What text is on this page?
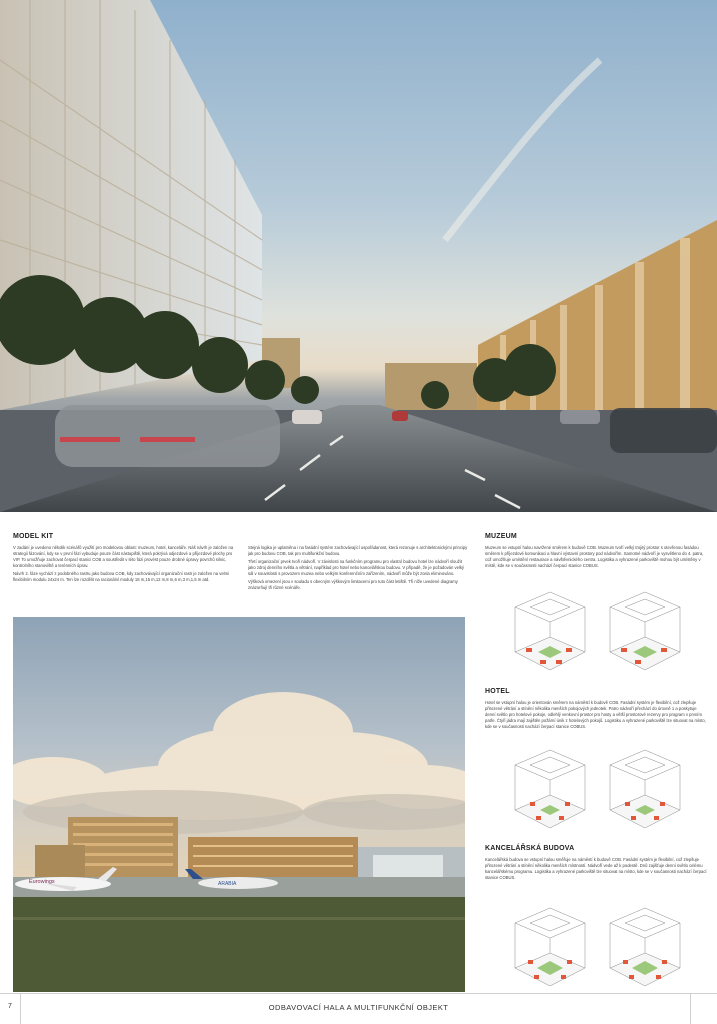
MODEL KIT

V zadání je uvedeno několik scénářů využití pro modelovou oblast: muzeum, hotel, kanceláře. Náš návrh je založen na strategii fázování, kdy se v první fázi vybuduje pouze část nástupiště, která pokrývá odjezdové a příjezdové plochy pro VIP. To umožňuje zachovat čerpací stanici COB a soustředit v této fázi provést pouze drobné úpravy povrchů silnic, kontrolního stanoviště a terénních úprav.

Návrh 2. fáze vychází z podobného rastru jako budova COB, kdy zachovávající organizační rastr je založen na velmi flexibilním modulu 24x24 m. Ten lze rozdělit na racionální moduly 18 m,15 m,12 m,8 m,6 m,3 m,1,5 m atd.

Stejná logika je uplatněna i na fasádní systém zachovávající uspořádanost, která rezonuje s architektonickými principy jak pro budovu COB, tak pro multifunkční budovu.

Třetí organizační prvek tvoří nádvoří. V závislosti na funkčním programu pro vlastní budovu hotel lze nádvoří sloužit jako zdroj denního světla a větrání, například pro hotel nebo kancelářskou budovu. V případě, že je požadován velký sál v souvislosti s provozem muzea nebo velkým konferenčním zařízením, nádvoří může být zcela eliminováno.

Výšková omezení jsou v souladu s obecným výškovým limitacemi pro tuto část letiště. Tři níže uvedené diagramy znázorňují tři různé scénáře.

Eurowings	ARABIA
MUZEUM
Muzeum se vstupní halou navržené směrem k budově COB. Muzeum tvoří velký trojitý prostor s otevřenou fasádou směrem k příjezdové komunikaci a hlavní výstavní prostory pod nádvořím. Samotné nádvoří je vysvětleno do 4. patra, což umožňuje umístění restaurace a návštěvnického centra. Logistika a vyhrazené parkoviště mohou být umístěny v místě, kde se v současnosti nachází čerpací stanice COBUS.
HOTEL
Hotel se vstupní halou je orientován směrem na náměstí k budově COB. Fasádní systém je flexibilní, což zlepšuje přirozené větrání a stínění několika menších pokojových jednotek. Patro nádvoří přechází do úrovně 1 a poskytuje denní světlo pro hotelové pokoje, odlehlý venkovní prostor pro hosty a větší prostorové rezervy pro program v prvním patře. Čtyři jádra mají zajištěn požární únik z hotelových pokojů. Logistiku a vyhrazené parkoviště lze situovat na místo, kde se v současnosti nachází čerpací stanice COBUS.
KANCELÁŘSKÁ BUDOVA
Kancelářská budova se vstupní halou směřuje na náměstí k budově COB. Fasádní systém je flexibilní, což zlepšuje přirozené větrání a stínění několika menších místností. Nádvoří vede až k podestě. Dnů zajišťuje denní světlo celému kancelářskému programu. Logistika a vyhrazené parkoviště lze situovat na místo, kde se v současnosti nachází čerpací stanice COBUS.
7	ODBAVOVACÍ HALA A MULTIFUNKČNÍ OBJEKT
